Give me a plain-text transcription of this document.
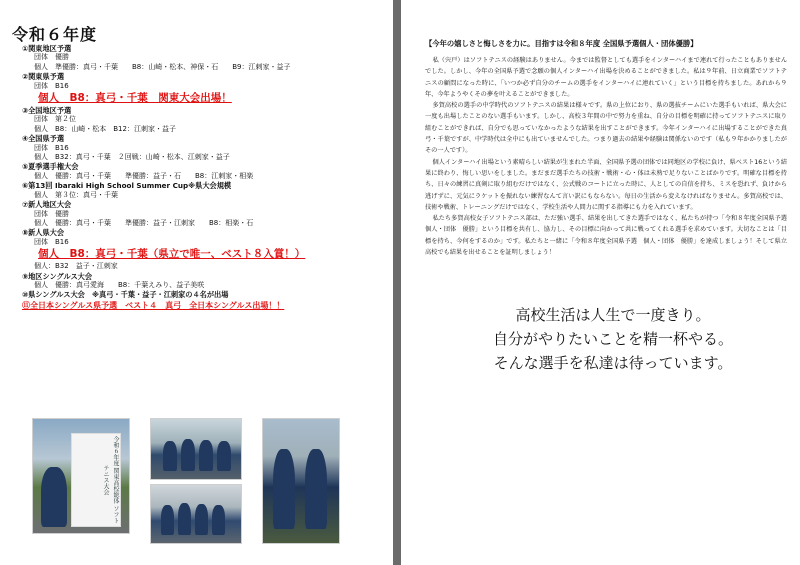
令和６年度
①関東地区予選
団体　優勝
個人　準優勝：真弓・千葉　　B8：山崎・松本、神保・石　　B9：江刺家・益子
②関東県予選
団体　B16
個人　B8：真弓・千葉　関東大会出場！
③全国地区予選
団体　第２位
個人　B8：山崎・松本　B12：江刺家・益子
④全国県予選
団体　B16
個人　B32：真弓・千葉　２回戦：山崎・松本、江刺家・益子
⑤夏季選手権大会
個人　優勝：真弓・千葉　　準優勝：益子・石　　B8：江刺家・相楽
⑥第13回 Ibaraki High School Summer Cup※県大会規模
個人　第３位：真弓・千葉
⑦新人地区大会
団体　優勝
個人　優勝：真弓・千葉　　準優勝：益子・江刺家　　B8：相楽・石
⑧新人県大会
団体　B16
個人　B8：真弓・千葉（県立で唯一、ベスト８入賞！）
個人：B32　益子・江刺家
⑨地区シングルス大会
個人　優勝：真弓愛海　　B8：千葉えみり、益子美咲
⑩県シングルス大会　※真弓・千葉・益子・江刺家の４名が出場
⑪全日本シングルス県予選　ベスト４　真弓　全日本シングルス出場！！
令和６年度 関東高校総体 ソフトテニス大会
【今年の嬉しさと悔しさを力に。目指すは令和８年度 全国県予選個人・団体優勝】

私（宍戸）はソフトテニスの経験はありません。今までは監督としても選手をインターハイまで連れて行ったこともありませんでした。しかし、今年の全国県予選で念願の個人インターハイ出場を決めることができました。私は９年前、日立商業でソフトテニスの顧問になった時に、「いつか必ず自分のチームの選手をインターハイに連れていく」という目標を持ちました。あれから９年、今年ようやくその夢を叶えることができました。

多賀高校の選手の中学時代のソフトテニスの結果は様々です。県の上位におり、県の選抜チームにいた選手もいれば、県大会に一度も出場したことのない選手もいます。しかし、高校３年間の中で努力を重ね、自分の目標を明確に持ってソフトテニスに取り組むことができれば、自分でも思っていなかったような結果を出すことができます。今年インターハイに出場することができた真弓・千葉ですが、中学時代は全中にも出ていませんでした。つまり過去の結果や経験は関係ないのです（私も９年かかりましたがその一人です）。

個人インターハイ出場という素晴らしい結果が生まれた半面、全国県予選の団体では同地区の学校に負け、県ベスト16という結果に終わり、悔しい思いをしました。まだまだ選手たちの技術・戦術・心・体は未熟で足りないことばかりです。明確な目標を持ち、日々の練習に真剣に取り組むだけではなく、公式戦のコートに立った時に、人としての自信を持ち、ミスを恐れず、負けから逃げずに、元気にラケットを振れない練習なんて言い訳にもならない。毎日の生活から変えなければなりません。多賀高校では、技術や戦術、トレーニングだけではなく、学校生活や人間力に関する指導にも力を入れています。

私たち多賀高校女子ソフトテニス部は、ただ強い選手、結果を出してきた選手ではなく、私たちが持つ「令和８年度全国県予選　個人・団体　優勝」という目標を共有し、協力し、その目標に向かって共に戦ってくれる選手を求めています。大切なことは「目標を持ち、今何をするのか」です。私たちと一緒に「令和８年度全国県予選　個人・団体　優勝」を達成しましょう！そして県立高校でも結果を出せることを証明しましょう！

高校生活は人生で一度きり。
自分がやりたいことを精一杯やる。
そんな選手を私達は待っています。
